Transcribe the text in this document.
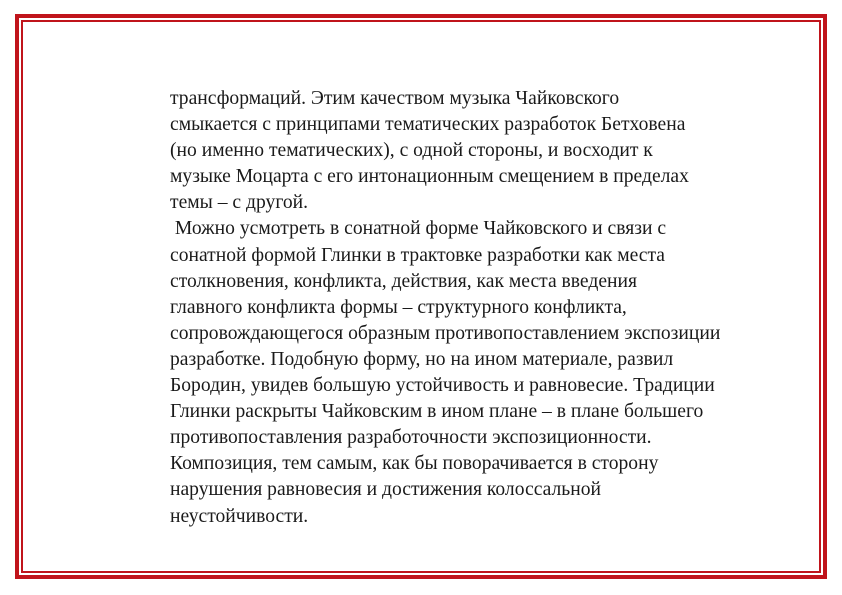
трансформаций. Этим качеством музыка Чайковского
смыкается с принципами тематических разработок Бетховена
(но именно тематических), с одной стороны, и восходит к
музыке Моцарта с его интонационным смещением в пределах
темы – с другой.
Можно усмотреть в сонатной форме Чайковского и связи с
сонатной формой Глинки в трактовке разработки как места
столкновения, конфликта, действия, как места введения
главного конфликта формы – структурного конфликта,
сопровождающегося образным противопоставлением экспозиции
разработке. Подобную форму, но на ином материале, развил
Бородин, увидев большую устойчивость и равновесие. Традиции
Глинки раскрыты Чайковским в ином плане – в плане большего
противопоставления разработочности экспозиционности.
Композиция, тем самым, как бы поворачивается в сторону
нарушения равновесия и достижения колоссальной
неустойчивости.
